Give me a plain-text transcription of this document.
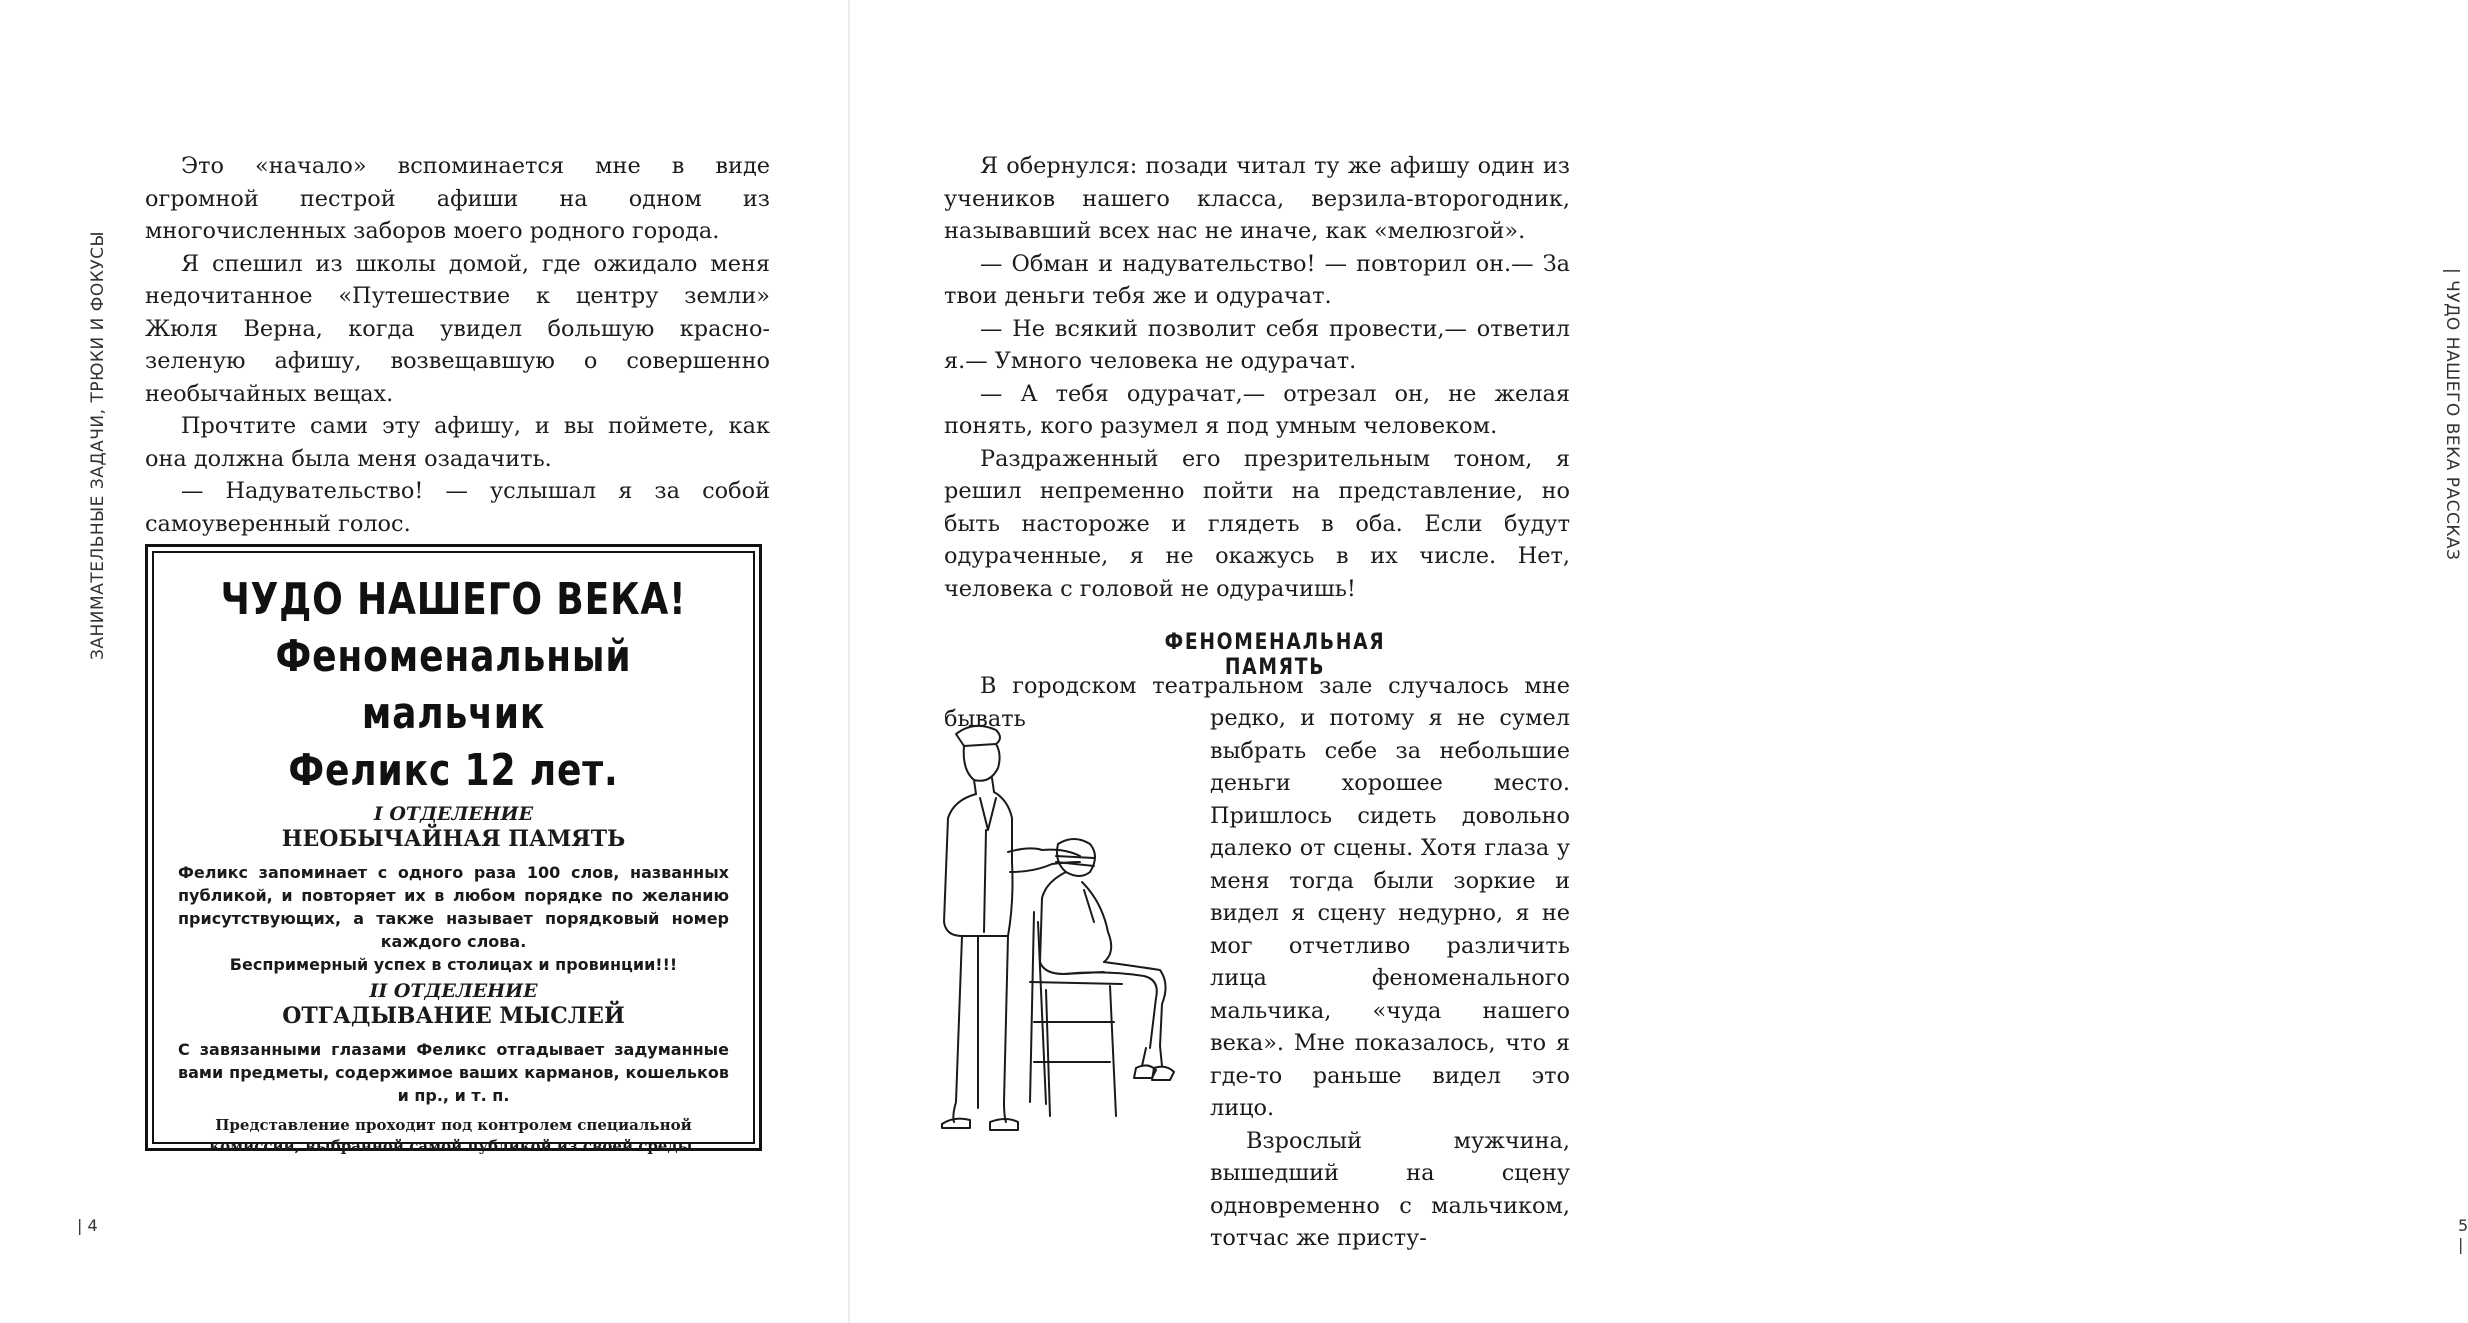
ЗАНИМАТЕЛЬНЫЕ ЗАДАЧИ, ТРЮКИ И ФОКУСЫ

Это «начало» вспоминается мне в виде огромной пестрой афиши на одном из многочисленных заборов моего родного города.

Я спешил из школы домой, где ожидало меня недочитанное «Путешествие к центру земли» Жюля Верна, когда увидел большую красно-зеленую афишу, возвещавшую о совершенно необычайных вещах.

Прочтите сами эту афишу, и вы поймете, как она должна была меня озадачить.

— Надувательство! — услышал я за собой самоуверенный голос.

ЧУДО НАШЕГО ВЕКА!
Феноменальный мальчик
Феликс 12 лет.
I ОТДЕЛЕНИЕ
НЕОБЫЧАЙНАЯ ПАМЯТЬ
Феликс запоминает с одного раза 100 слов, названных публикой, и повторяет их в любом порядке по желанию присутствующих, а также называет порядковый номер каждого слова.
Беспримерный успех в столицах и провинции!!!
II ОТДЕЛЕНИЕ
ОТГАДЫВАНИЕ МЫСЛЕЙ
С завязанными глазами Феликс отгадывает задуманные вами предметы, содержимое ваших карманов, кошельков и пр., и т. п.
Представление проходит под контролем специальной комиссии, выбранной самой публикой из своей среды.
| 4
| ЧУДО НАШЕГО ВЕКА РАССКАЗ

Я обернулся: позади читал ту же афишу один из учеников нашего класса, верзила-второгодник, называвший всех нас не иначе, как «мелюзгой».

— Обман и надувательство! — повторил он.— За твои деньги тебя же и одурачат.

— Не всякий позволит себя провести,— ответил я.— Умного человека не одурачат.

— А тебя одурачат,— отрезал он, не желая понять, кого разумел я под умным человеком.

Раздраженный его презрительным тоном, я решил непременно пойти на представление, но быть настороже и глядеть в оба. Если будут одураченные, я не окажусь в их числе. Нет, человека с головой не одурачишь!

ФЕНОМЕНАЛЬНАЯ ПАМЯТЬ
В городском театральном зале случалось мне бывать	редко, и потому я не сумел выбрать себе за небольшие деньги хорошее место. Пришлось сидеть довольно далеко от сцены. Хотя глаза у меня тогда были зоркие и видел я сцену недурно, я не мог отчетливо различить лица феноменального мальчика, «чуда нашего века». Мне показалось, что я где-то раньше видел это лицо.

Взрослый мужчина, вышедший на сцену одновременно с мальчиком, тотчас же присту-	5 |
